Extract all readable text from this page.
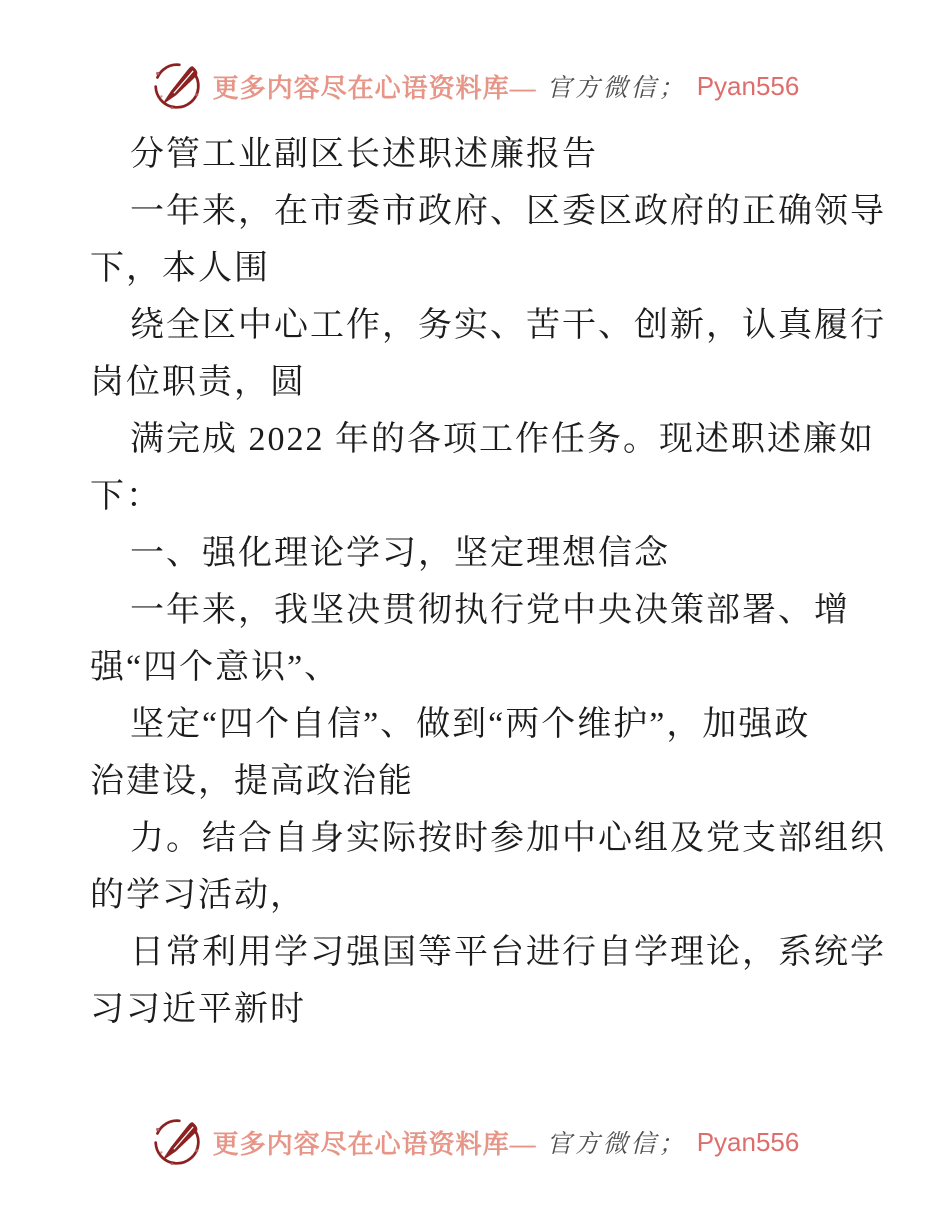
更多内容尽在心语资料库— 官方微信； Pyan556
分管工业副区长述职述廉报告
一年来，在市委市政府、区委区政府的正确领导
下，本人围
绕全区中心工作，务实、苦干、创新，认真履行
岗位职责，圆
满完成 2022 年的各项工作任务。现述职述廉如
下：
一、强化理论学习，坚定理想信念
一年来，我坚决贯彻执行党中央决策部署、增
强“四个意识”、
坚定“四个自信”、做到“两个维护”，加强政
治建设，提高政治能
力。结合自身实际按时参加中心组及党支部组织
的学习活动，
日常利用学习强国等平台进行自学理论，系统学
习习近平新时
更多内容尽在心语资料库— 官方微信； Pyan556
